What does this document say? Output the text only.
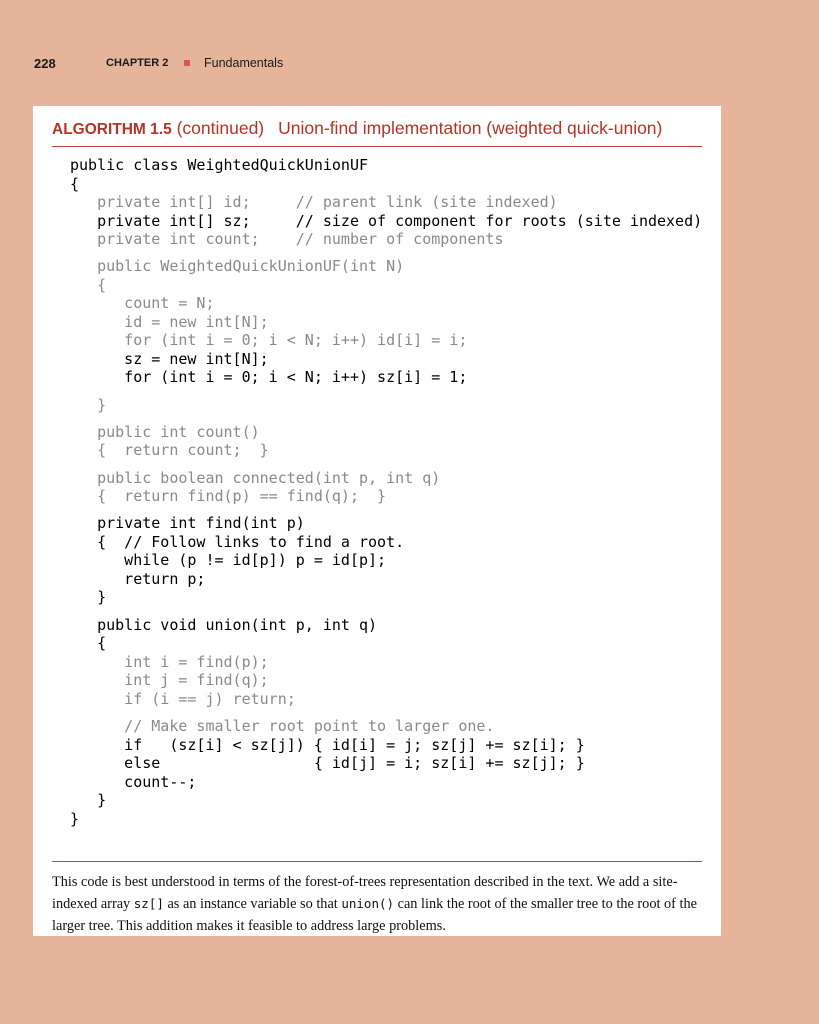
228	CHAPTER 2	Fundamentals
ALGORITHM 1.5 (continued) Union-find implementation (weighted quick-union)
public class WeightedQuickUnionUF
{
private int[] id;     // parent link (site indexed)
private int[] sz;     // size of component for roots (site indexed)
private int count;    // number of components
public WeightedQuickUnionUF(int N)
{
count = N;
id = new int[N];
for (int i = 0; i < N; i++) id[i] = i;
sz = new int[N];
for (int i = 0; i < N; i++) sz[i] = 1;
}
public int count()
{  return count;  }
public boolean connected(int p, int q)
{  return find(p) == find(q);  }
private int find(int p)
{  // Follow links to find a root.
while (p != id[p]) p = id[p];
return p;
}
public void union(int p, int q)
{
int i = find(p);
int j = find(q);
if (i == j) return;
// Make smaller root point to larger one.
if   (sz[i] < sz[j]) { id[i] = j; sz[j] += sz[i]; }
else                 { id[j] = i; sz[i] += sz[j]; }
count--;
}
}
This code is best understood in terms of the forest-of-trees representation described in the text. We add a site-indexed array sz[] as an instance variable so that union() can link the root of the smaller tree to the root of the larger tree. This addition makes it feasible to address large problems.
